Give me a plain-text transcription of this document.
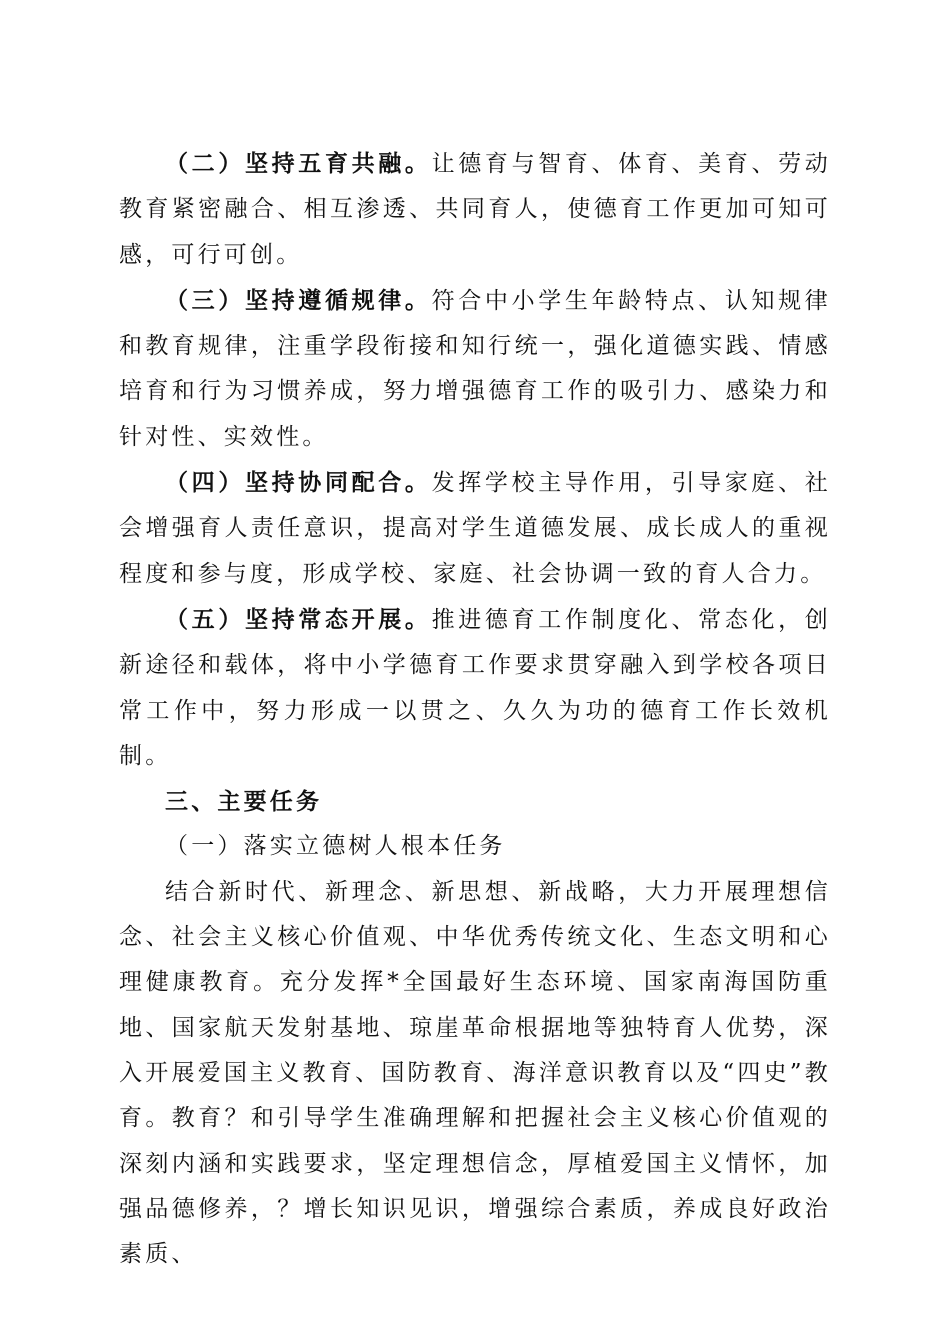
（二）坚持五育共融。让德育与智育、体育、美育、劳动教育紧密融合、相互渗透、共同育人，使德育工作更加可知可感，可行可创。

（三）坚持遵循规律。符合中小学生年龄特点、认知规律和教育规律，注重学段衔接和知行统一，强化道德实践、情感培育和行为习惯养成，努力增强德育工作的吸引力、感染力和针对性、实效性。

（四）坚持协同配合。发挥学校主导作用，引导家庭、社会增强育人责任意识，提高对学生道德发展、成长成人的重视程度和参与度，形成学校、家庭、社会协调一致的育人合力。

（五）坚持常态开展。推进德育工作制度化、常态化，创新途径和载体，将中小学德育工作要求贯穿融入到学校各项日常工作中，努力形成一以贯之、久久为功的德育工作长效机制。

三、主要任务

（一）落实立德树人根本任务

结合新时代、新理念、新思想、新战略，大力开展理想信念、社会主义核心价值观、中华优秀传统文化、生态文明和心理健康教育。充分发挥*全国最好生态环境、国家南海国防重地、国家航天发射基地、琼崖革命根据地等独特育人优势，深入开展爱国主义教育、国防教育、海洋意识教育以及“四史”教育。教育？和引导学生准确理解和把握社会主义核心价值观的深刻内涵和实践要求，坚定理想信念，厚植爱国主义情怀，加强品德修养，？增长知识见识，增强综合素质，养成良好政治素质、
